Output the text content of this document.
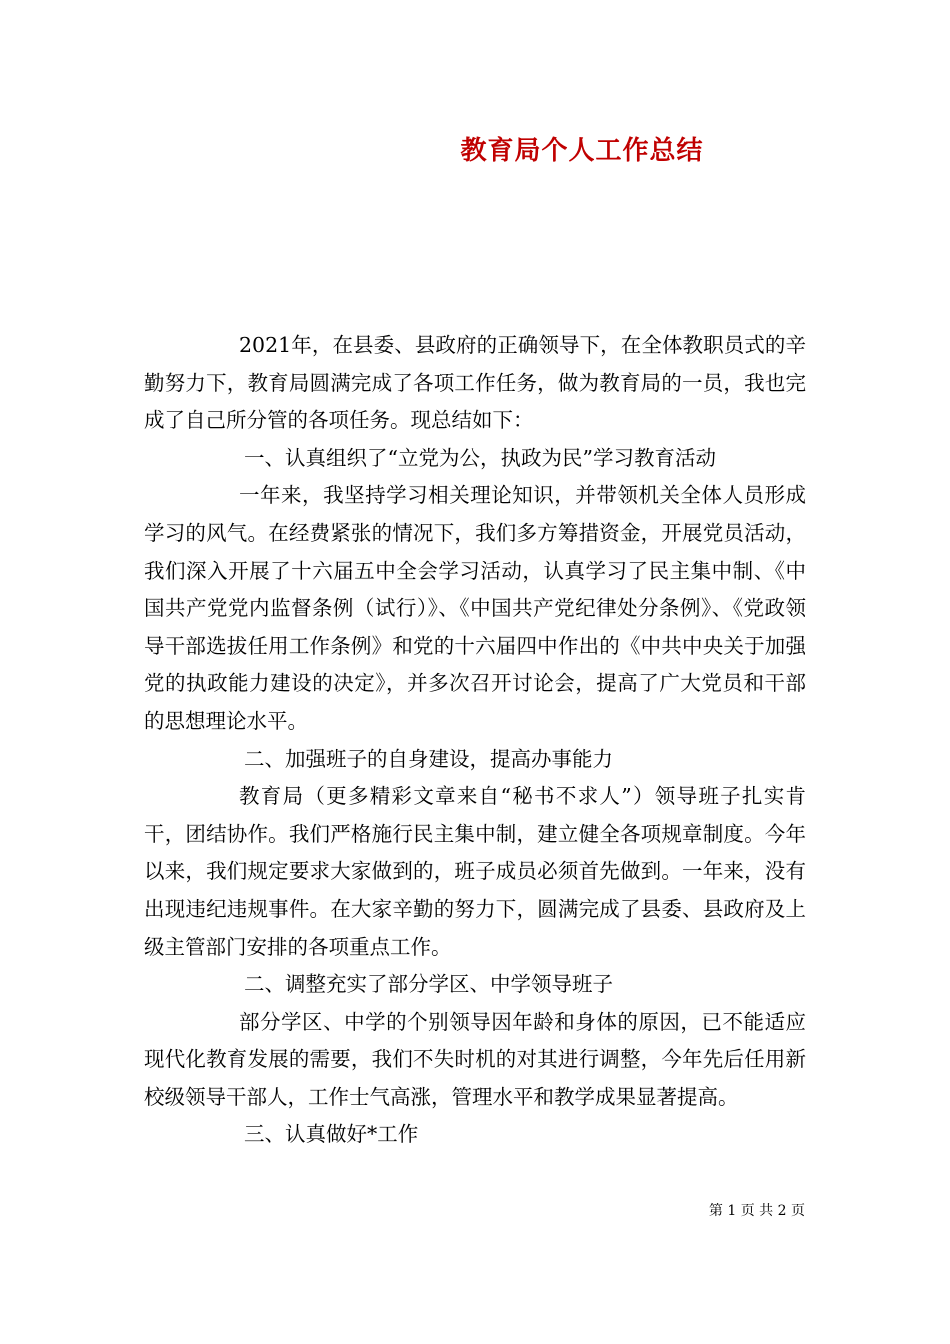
教育局个人工作总结

2021年，在县委、县政府的正确领导下，在全体教职员式的辛勤努力下，教育局圆满完成了各项工作任务，做为教育局的一员，我也完成了自己所分管的各项任务。现总结如下：

一、认真组织了“立党为公，执政为民”学习教育活动

一年来，我坚持学习相关理论知识，并带领机关全体人员形成学习的风气。在经费紧张的情况下，我们多方筹措资金，开展党员活动，我们深入开展了十六届五中全会学习活动，认真学习了民主集中制、《中国共产党党内监督条例（试行）》、《中国共产党纪律处分条例》、《党政领导干部选拔任用工作条例》和党的十六届四中作出的《中共中央关于加强党的执政能力建设的决定》，并多次召开讨论会，提高了广大党员和干部的思想理论水平。

二、加强班子的自身建设，提高办事能力

教育局（更多精彩文章来自“秘书不求人”）领导班子扎实肯干，团结协作。我们严格施行民主集中制，建立健全各项规章制度。今年以来，我们规定要求大家做到的，班子成员必须首先做到。一年来，没有出现违纪违规事件。在大家辛勤的努力下，圆满完成了县委、县政府及上级主管部门安排的各项重点工作。

二、调整充实了部分学区、中学领导班子

部分学区、中学的个别领导因年龄和身体的原因，已不能适应现代化教育发展的需要，我们不失时机的对其进行调整，今年先后任用新校级领导干部人，工作士气高涨，管理水平和教学成果显著提高。

三、认真做好*工作

第 1 页 共 2 页
